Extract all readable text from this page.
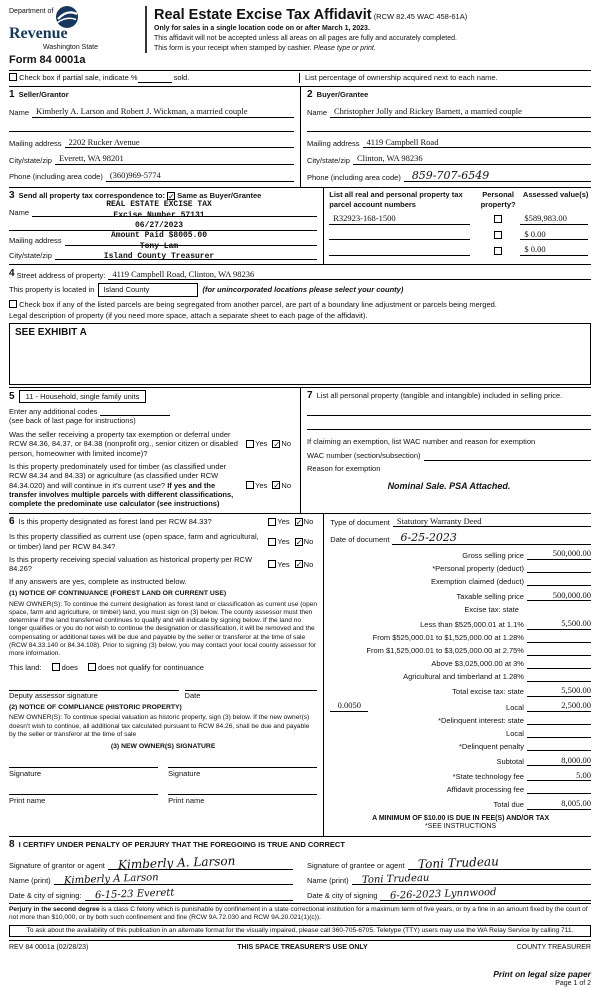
Department of
Revenue
Washington State
Real Estate Excise Tax Affidavit (RCW 82.45 WAC 458-61A)
Only for sales in a single location code on or after March 1, 2023.
This affidavit will not be accepted unless all areas on all pages are fully and accurately completed.
This form is your receipt when stamped by cashier. Please type or print.
Form 84 0001a
Check box if partial sale, indicate %	sold.	List percentage of ownership acquired next to each name.
1 Seller/Grantor
Name Kimberly A. Larson and Robert J. Wickman, a married couple
Mailing address 2202 Rucker Avenue
City/state/zip Everett, WA 98201
Phone (including area code) (360)969-5774
2 Buyer/Grantee
Name Christopher Jolly and Rickey Barnett, a married couple
Mailing address 4119 Campbell Road
City/state/zip Clinton, WA 98236
Phone (including area code)	859-707-6549
3 Send all property tax correspondence to: ✓ Same as Buyer/Grantee
Name
Mailing address
City/state/zip
REAL ESTATE EXCISE TAX
Excise Number 57131
06/27/2023
Amount Paid $8005.00
Tony Lam
Island County Treasurer
List all real and personal property tax parcel account numbers
Personal property?
Assessed value(s)
R32923-168-1500	$589,983.00
$ 0.00
$ 0.00
4 Street address of property: 4119 Campbell Road, Clinton, WA 98236
This property is located in	Island County	(for unincorporated locations please select your county)
Check box if any of the listed parcels are being segregated from another parcel, are part of a boundary line adjustment or parcels being merged.
Legal description of property (if you need more space, attach a separate sheet to each page of the affidavit).
SEE EXHIBIT A
5 11 - Household, single family units
Enter any additional codes
(see back of last page for instructions)
Was the seller receiving a property tax exemption or deferral under RCW 84.36, 84.37, or 84.38 (nonprofit org., senior citizen or disabled person, homeowner with limited income)?
Yes ✓ No
Is this property predominately used for timber (as classified under RCW 84.34 and 84.33) or agriculture (as classified under RCW 84.34.020) and will continue in it's current use? If yes and the transfer involves multiple parcels with different classifications, complete the predominate use calculator (see instructions)
Yes ✓ No
7 List all personal property (tangible and intangible) included in selling price.
If claiming an exemption, list WAC number and reason for exemption
WAC number (section/subsection)
Reason for exemption
Nominal Sale. PSA Attached.
6 Is this property designated as forest land per RCW 84.33?	Yes ✓ No
Is this property classified as current use (open space, farm and agricultural, or timber) land per RCW 84.34?
Yes ✓ No
Is this property receiving special valuation as historical property per RCW 84.26?
Yes ✓ No
If any answers are yes, complete as instructed below.
(1) NOTICE OF CONTINUANCE (FOREST LAND OR CURRENT USE)
NEW OWNER(S): To continue the current designation as forest land or classification as current use (open space, farm and agriculture, or timber) land, you must sign on (3) below. The county assessor must then determine if the land transferred continues to qualify and will indicate by signing below. If the land no longer qualifies or you do not wish to continue the designation or classification, it will be removed and the compensating or additional taxes will be due and payable by the seller or transferor at the time of sale (RCW 84.33.140 or 84.34.108). Prior to signing (3) below, you may contact your local county assessor for more information.
This land:	does	does not qualify for continuance
Deputy assessor signature	Date
(2) NOTICE OF COMPLIANCE (HISTORIC PROPERTY)
NEW OWNER(S): To continue special valuation as historic property, sign (3) below. If the new owner(s) doesn't wish to continue, all additional tax calculated pursuant to RCW 84.26, shall be due and payable by the seller or transferor at the time of sale
(3) NEW OWNER(S) SIGNATURE
Signature	Signature
Print name	Print name
Type of document Statutory Warranty Deed
Date of document	6-25-2023
Gross selling price	500,000.00
*Personal property (deduct)
Exemption claimed (deduct)
Taxable selling price	500,000.00
Excise tax: state
Less than $525,000.01 at 1.1%	5,500.00
From $525,000.01 to $1,525,000.00 at 1.28%
From $1,525,000.01 to $3,025,000.00 at 2.75%
Above $3,025,000.00 at 3%
Agricultural and timberland at 1.28%
Total excise tax: state	5,500.00
0.0050	Local	2,500.00
*Delinquent interest: state
Local
*Delinquent penalty
Subtotal	8,000.00
*State technology fee	5.00
Affidavit processing fee
Total due	8,005.00
A MINIMUM OF $10.00 IS DUE IN FEE(S) AND/OR TAX
*SEE INSTRUCTIONS
8 I CERTIFY UNDER PENALTY OF PERJURY THAT THE FOREGOING IS TRUE AND CORRECT
Signature of grantor or agent	Kimberly A. Larson
Name (print)	Kimberly A Larson
Date & city of signing:	6-15-23 Everett
Signature of grantee or agent	Toni Trudeau
Name (print)	Toni Trudeau
Date & city of signing	6-26-2023 Lynnwood
Perjury in the second degree is a class C felony which is punishable by confinement in a state correctional institution for a maximum term of five years, or by a fine in an amount fixed by the court of not more than $10,000, or by both such confinement and fine (RCW 9A.72.030 and RCW 9A.20.021(1)(c)).
To ask about the availability of this publication in an alternate format for the visually impaired, please call 360-705-6705. Teletype (TTY) users may use the WA Relay Service by calling 711.
REV 84 0001a (02/28/23)	THIS SPACE TREASURER'S USE ONLY	COUNTY TREASURER
Print on legal size paper
Page 1 of 2
